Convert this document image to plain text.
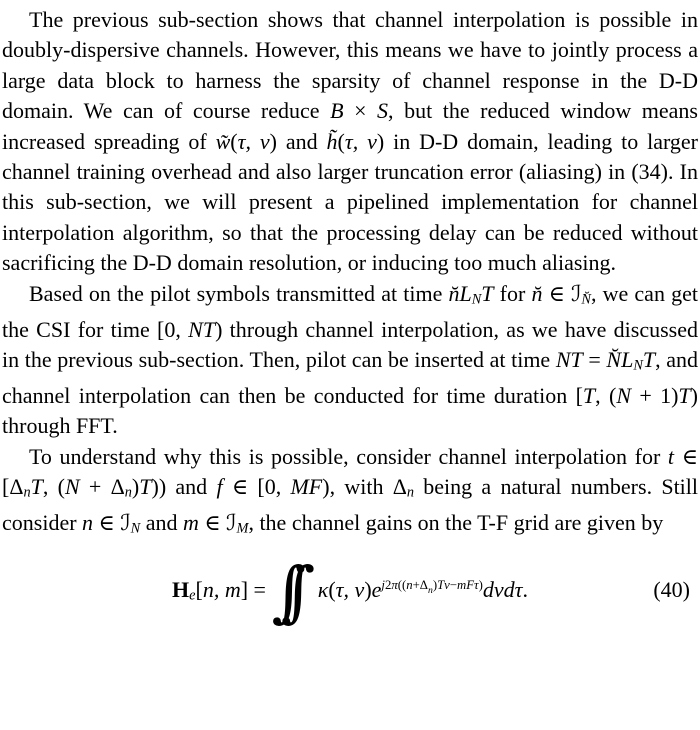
The previous sub-section shows that channel interpolation is possible in doubly-dispersive channels. However, this means we have to jointly process a large data block to harness the sparsity of channel response in the D-D domain. We can of course reduce B × S, but the reduced window means increased spreading of w̃(τ, ν) and h̃(τ, ν) in D-D domain, leading to larger channel training overhead and also larger truncation error (aliasing) in (34). In this sub-section, we will present a pipelined implementation for channel interpolation algorithm, so that the processing delay can be reduced without sacrificing the D-D domain resolution, or inducing too much aliasing.

Based on the pilot symbols transmitted at time n̆LNT for n̆ ∈ ℐN̆, we can get the CSI for time [0, NT) through channel interpolation, as we have discussed in the previous sub-section. Then, pilot can be inserted at time NT = N̆LNT, and channel interpolation can then be conducted for time duration [T, (N + 1)T) through FFT.

To understand why this is possible, consider channel interpolation for t ∈ [ΔnT, (N + Δn)T)) and f ∈ [0, MF), with Δn being a natural numbers. Still consider n ∈ ℐN and m ∈ ℐM, the channel gains on the T-F grid are given by

He[n, m] = ∫∫ κ(τ, $\nu)e^{j2\pi((n+\Delta}n^{)T\nu-mF\tau)}d\nu d\tau$.	(40)
